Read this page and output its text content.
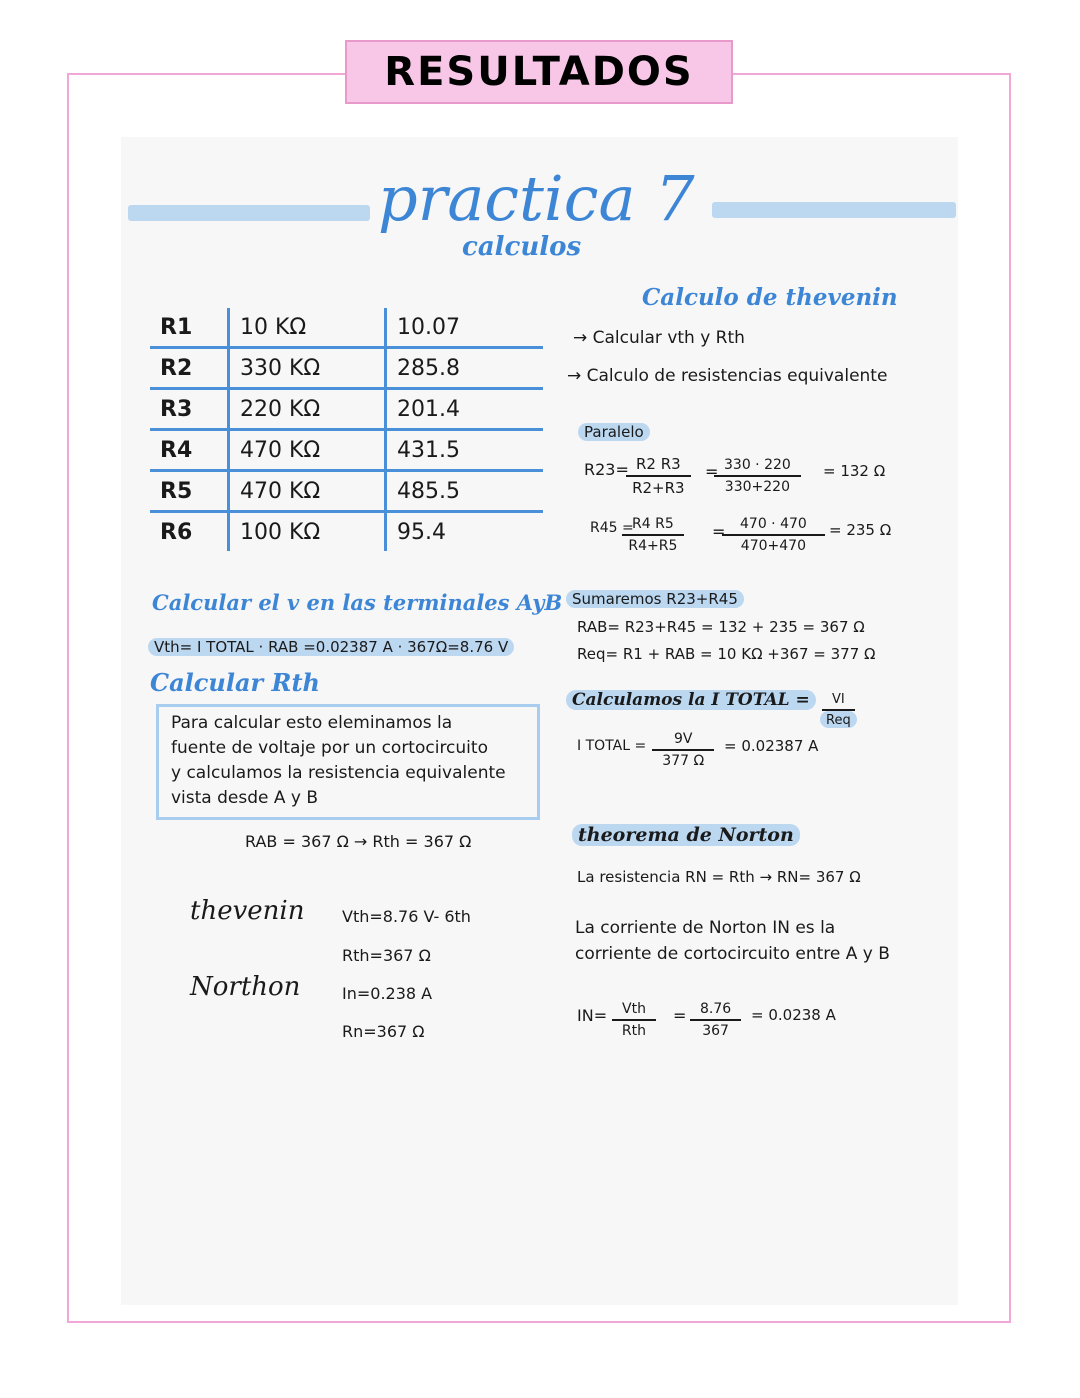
RESULTADOS
practica 7
calculos
R1	10 KΩ	10.07
R2	330 KΩ	285.8
R3	220 KΩ	201.4
R4	470 KΩ	431.5
R5	470 KΩ	485.5
R6	100 KΩ	95.4
Calcular el v en las terminales AyB
Vth= I TOTAL · RAB =0.02387 A · 367Ω=8.76 V
Calcular Rth
Para calcular esto eleminamos la
fuente de voltaje por un cortocircuito
y calculamos la resistencia equivalente
vista desde A y B
RAB = 367 Ω → Rth = 367 Ω
thevenin
Northon
Vth=8.76 V- 6th
Rth=367 Ω
In=0.238 A
Rn=367 Ω
Calculo de thevenin
→ Calcular vth y Rth
→ Calculo de resistencias equivalente
Paralelo
R23=
$\frac{R2 R3}{R2+R3}$ =
$\frac{330 \cdot 220}{330+220} = 132$ Ω
R45 =
$\frac{R4 R5}{R4+R5}$ =
$\frac{470 \cdot 470}{470+470} = 235$ Ω
Sumaremos R23+R45
RAB= R23+R45 = 132 + 235 = 367 Ω
Req= R1 + RAB = 10 KΩ +367 = 377 Ω
Calculamos la I TOTAL =	VI
Req
I TOTAL = $\frac{9V}{377 \Omega} = 0.02387$ A
theorema de Norton
La resistencia RN = Rth → RN= 367 Ω
La corriente de Norton IN es la
corriente de cortocircuito entre A y B
IN=	Vth
Rth
= $\frac{8.76}{367} = 0.0238$ A
